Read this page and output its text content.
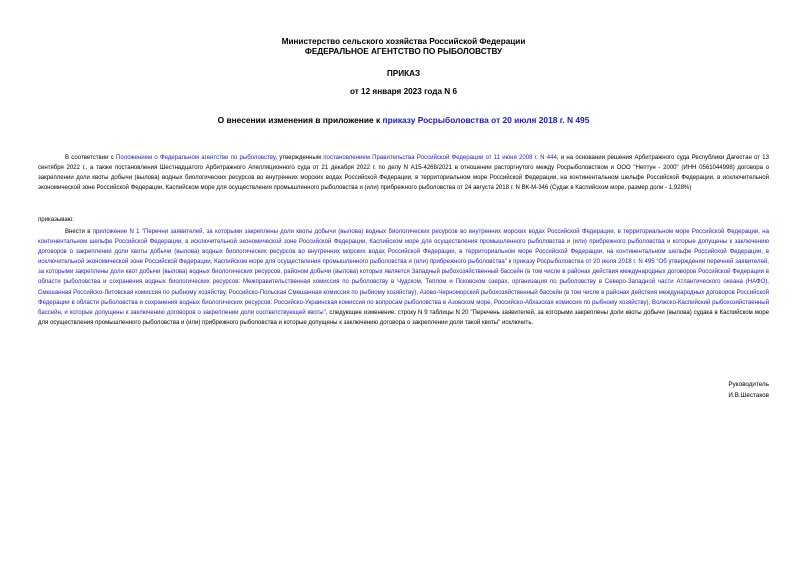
Министерство сельского хозяйства Российской Федерации
ФЕДЕРАЛЬНОЕ АГЕНТСТВО ПО РЫБОЛОВСТВУ
ПРИКАЗ
от 12 января 2023 года N 6
О внесении изменения в приложение к приказу Росрыболовства от 20 июля 2018 г. N 495

В соответствии с Положением о Федеральном агентстве по рыболовству, утвержденным постановлением Правительства Российской Федерации от 11 июня 2008 г. N 444, и на основании решения Арбитражного суда Республики Дагестан от 13 сентября 2022 г., а также постановления Шестнадцатого Арбитражного Апелляционного суда от 21 декабря 2022 г. по делу N А15-4268/2021 в отношении расторгнутого между Росрыболовством и ООО "Нептун - 2000" (ИНН 0561044998) договора о закреплении доли квоты добычи (вылова) водных биологических ресурсов во внутренних морских водах Российской Федерации, в территориальном море Российской Федерации, на континентальном шельфе Российской Федерации, в исключительной экономической зоне Российской Федерации, Каспийском море для осуществления промышленного рыболовства и (или) прибрежного рыболовства от 24 августа 2018 г. N ВК-М-346 (Судак в Каспийском море, размер доли - 1,928%)

приказываю:

Внести в приложение N 1 "Перечни заявителей, за которыми закреплены доли квоты добычи (вылова) водных биологических ресурсов во внутренних морских водах Российской Федерации, в территориальном море Российской Федерации, на континентальном шельфе Российской Федерации, в исключительной экономической зоне Российской Федерации, Каспийском море для осуществления промышленного рыболовства и (или) прибрежного рыболовства и которые допущены к заключению договоров о закреплении доли квоты добычи (вылова) водных биологических ресурсов во внутренних морских водах Российской Федерации, в территориальном море Российской Федерации, на континентальном шельфе Российской Федерации, в исключительной экономической зоне Российской Федерации, Каспийском море для осуществления промышленного рыболовства и (или) прибрежного рыболовства" к приказу Росрыболовства от 20 июля 2018 г. N 495 "Об утверждении перечней заявителей, за которыми закреплены доли квот добычи (вылова) водных биологических ресурсов, районом добычи (вылова) которых является Западный рыбохозяйственный бассейн (в том числе в районах действия международных договоров Российской Федерации в области рыболовства и сохранения водных биологических ресурсов: Межправительственная комиссия по рыболовству в Чудском, Теплом и Псковском озерах, организация по рыболовству в Северо-Западной части Атлантического океана (НАФО), Смешанная Российско-Литовская комиссия по рыбному хозяйству, Российско-Польская Смешанная комиссия по рыбному хозяйству), Азово-Черноморский рыбохозяйственный бассейн (в том числе в районах действия международных договоров Российской Федерации в области рыболовства и сохранения водных биологических ресурсов: Российско-Украинская комиссия по вопросам рыболовства в Азовском море, Российско-Абхазская комиссия по рыбному хозяйству), Волжско-Каспийский рыбохозяйственный бассейн, и которые допущены к заключению договоров о закреплении доли соответствующей квоты", следующее изменение: строку N 9 таблицы N 20 "Перечень заявителей, за которыми закреплены доли квоты добычи (вылова) судака в Каспийском море для осуществления промышленного рыболовства и (или) прибрежного рыболовства и которые допущены к заключению договора о закреплении доли такой квоты" исключить.

Руководитель
И.В.Шестаков
